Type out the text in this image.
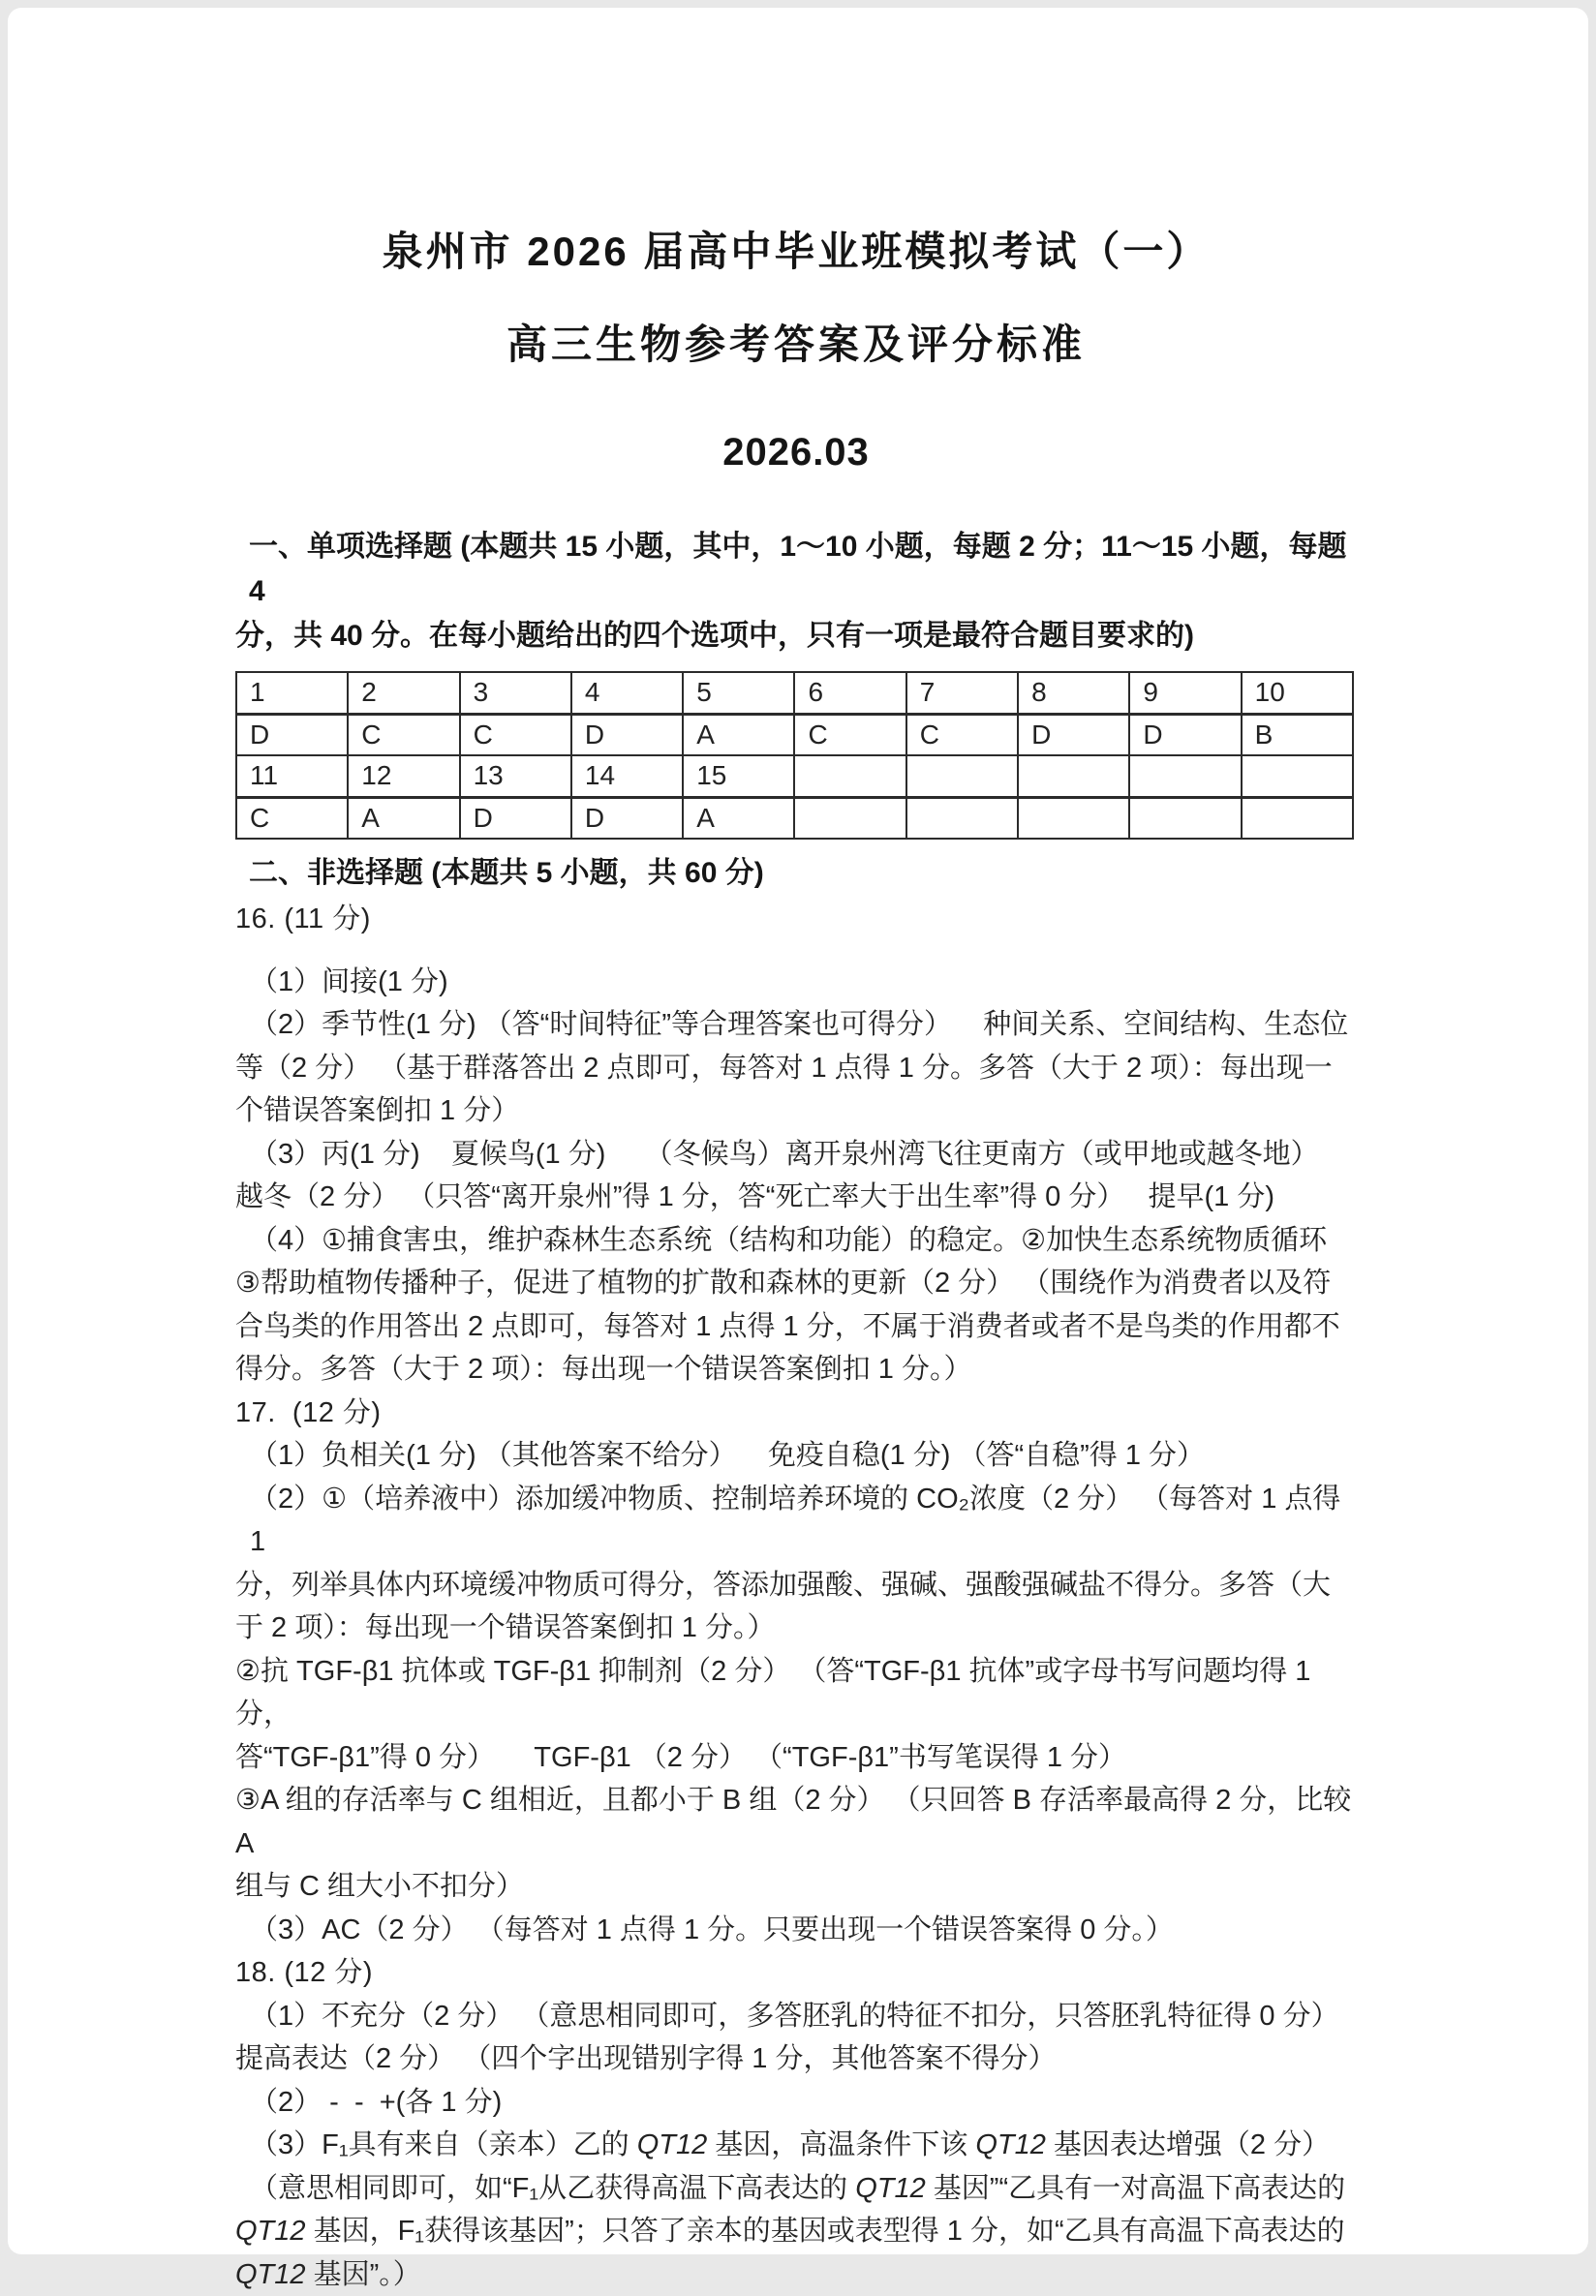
泉州市 2026 届高中毕业班模拟考试（一）
高三生物参考答案及评分标准
2026.03
一、单项选择题 (本题共 15 小题，其中，1～10 小题，每题 2 分；11～15 小题，每题 4
分，共 40 分。在每小题给出的四个选项中，只有一项是最符合题目要求的)
1	2	3	4	5	6	7	8	9	10
D	C	C	D	A	C	C	D	D	B
11	12	13	14	15					
C	A	D	D	A					
二、非选择题 (本题共 5 小题，共 60 分)
16. (11 分)
（1）间接(1 分)
（2）季节性(1 分) （答“时间特征”等合理答案也可得分）    种间关系、空间结构、生态位
等（2 分） （基于群落答出 2 点即可，每答对 1 点得 1 分。多答（大于 2 项）：每出现一
个错误答案倒扣 1 分）
（3）丙(1 分)    夏候鸟(1 分)     （冬候鸟）离开泉州湾飞往更南方（或甲地或越冬地）
越冬（2 分） （只答“离开泉州”得 1 分，答“死亡率大于出生率”得 0 分）   提早(1 分)
（4）①捕食害虫，维护森林生态系统（结构和功能）的稳定。②加快生态系统物质循环
③帮助植物传播种子，促进了植物的扩散和森林的更新（2 分） （围绕作为消费者以及符
合鸟类的作用答出 2 点即可，每答对 1 点得 1 分，不属于消费者或者不是鸟类的作用都不
得分。多答（大于 2 项）：每出现一个错误答案倒扣 1 分。）
17.  (12 分)
（1）负相关(1 分) （其他答案不给分）    免疫自稳(1 分) （答“自稳”得 1 分）
（2）①（培养液中）添加缓冲物质、控制培养环境的 CO₂浓度（2 分） （每答对 1 点得 1
分，列举具体内环境缓冲物质可得分，答添加强酸、强碱、强酸强碱盐不得分。多答（大
于 2 项）：每出现一个错误答案倒扣 1 分。）
②抗 TGF-β1 抗体或 TGF-β1 抑制剂（2 分） （答“TGF-β1 抗体”或字母书写问题均得 1 分，
答“TGF-β1”得 0 分）     TGF-β1 （2 分） （“TGF-β1”书写笔误得 1 分）
③A 组的存活率与 C 组相近，且都小于 B 组（2 分） （只回答 B 存活率最高得 2 分，比较 A
组与 C 组大小不扣分）
（3）AC（2 分） （每答对 1 点得 1 分。只要出现一个错误答案得 0 分。）
18. (12 分)
（1）不充分（2 分） （意思相同即可，多答胚乳的特征不扣分，只答胚乳特征得 0 分）
提高表达（2 分） （四个字出现错别字得 1 分，其他答案不得分）
（2） -  -  +(各 1 分)
（3）F₁具有来自（亲本）乙的 QT12 基因，高温条件下该 QT12 基因表达增强（2 分）
（意思相同即可，如“F₁从乙获得高温下高表达的 QT12 基因”“乙具有一对高温下高表达的
QT12 基因，F₁获得该基因”；只答了亲本的基因或表型得 1 分，如“乙具有高温下高表达的
QT12 基因”。）
